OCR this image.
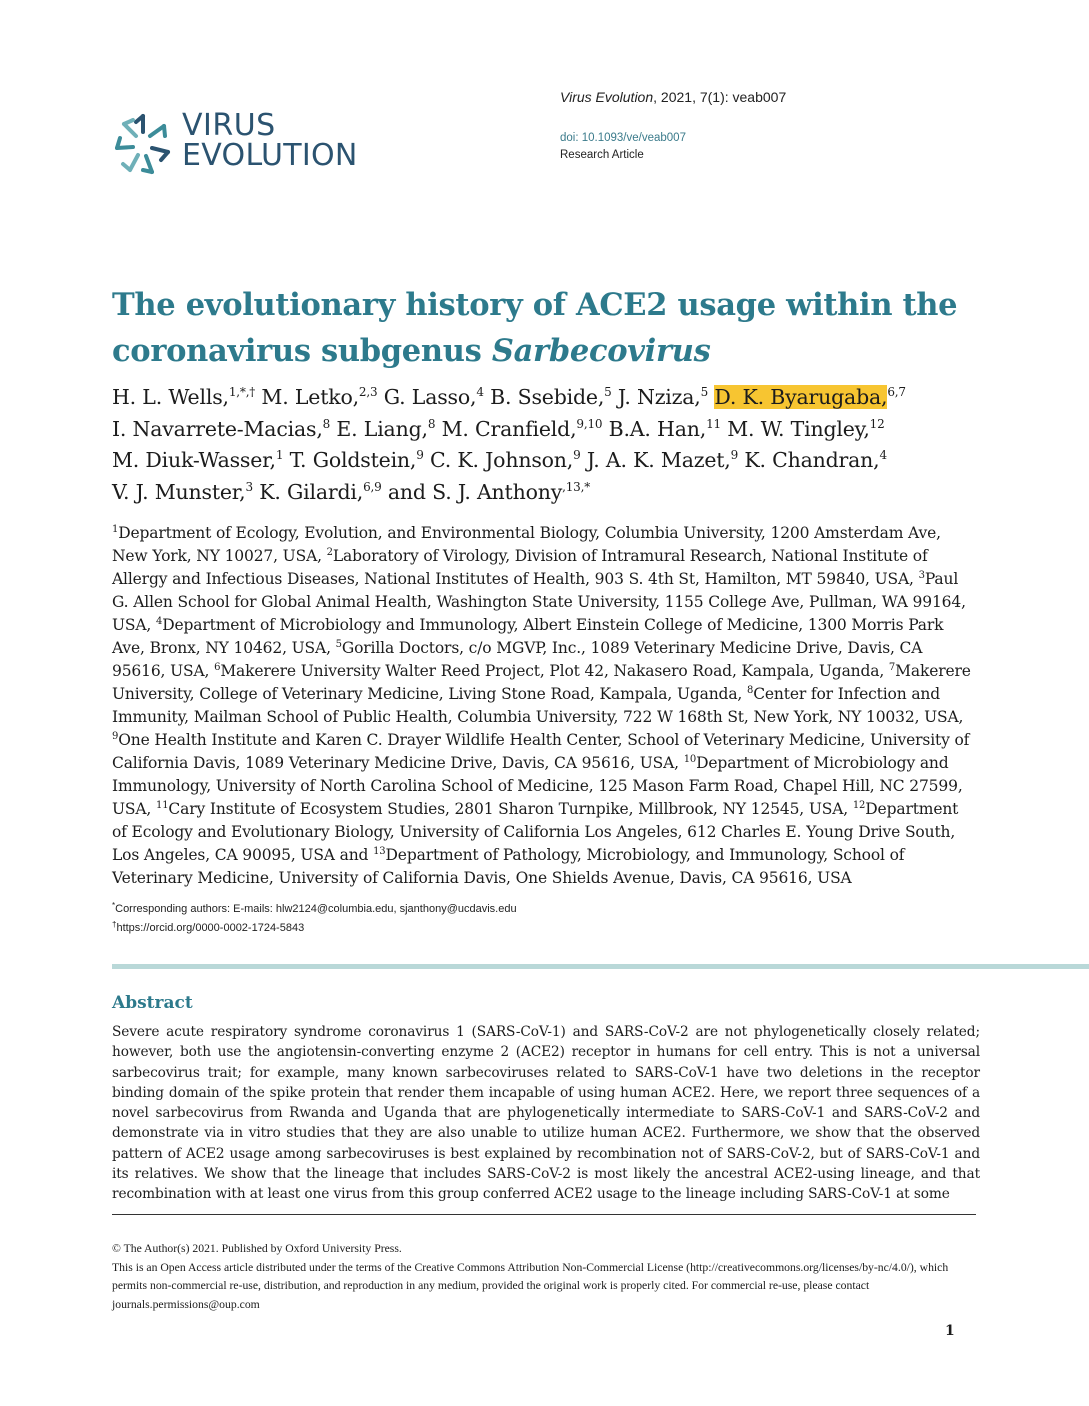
VIRUS
EVOLUTION
Virus Evolution, 2021, 7(1): veab007
doi: 10.1093/ve/veab007
Research Article
The evolutionary history of ACE2 usage within the
coronavirus subgenus Sarbecovirus
H. L. Wells,$^{1,*,\dagger}$ M. Letko,$^{2,3}$ G. Lasso,$^4$ B. Ssebide,$^5$ J. Nziza,$^5$ D. K. Byarugaba,$^{6,7}$
I. Navarrete-Macias,$^8$ E. Liang,$^8$ M. Cranfield,$^{9,10}$ B.A. Han,$^{11}$ M. W. Tingley,$^{12}$
M. Diuk-Wasser,$^1$ T. Goldstein,$^9$ C. K. Johnson,$^9$ J. A. K. Mazet,$^9$ K. Chandran,$^4$
V. J. Munster,$^3$ K. Gilardi,$^{6,9}$ and S. J. Anthony$^{,13,*}$
$^1$Department of Ecology, Evolution, and Environmental Biology, Columbia University, 1200 Amsterdam Ave, New York, NY 10027, USA, $^2$Laboratory of Virology, Division of Intramural Research, National Institute of Allergy and Infectious Diseases, National Institutes of Health, 903 S. 4th St, Hamilton, MT 59840, USA, $^3$Paul G. Allen School for Global Animal Health, Washington State University, 1155 College Ave, Pullman, WA 99164, USA, $^4$Department of Microbiology and Immunology, Albert Einstein College of Medicine, 1300 Morris Park Ave, Bronx, NY 10462, USA, $^5$Gorilla Doctors, c/o MGVP, Inc., 1089 Veterinary Medicine Drive, Davis, CA 95616, USA, $^6$Makerere University Walter Reed Project, Plot 42, Nakasero Road, Kampala, Uganda, $^7$Makerere University, College of Veterinary Medicine, Living Stone Road, Kampala, Uganda, $^8$Center for Infection and Immunity, Mailman School of Public Health, Columbia University, 722 W 168th St, New York, NY 10032, USA, $^9$One Health Institute and Karen C. Drayer Wildlife Health Center, School of Veterinary Medicine, University of California Davis, 1089 Veterinary Medicine Drive, Davis, CA 95616, USA, $^{10}$Department of Microbiology and Immunology, University of North Carolina School of Medicine, 125 Mason Farm Road, Chapel Hill, NC 27599, USA, $^{11}$Cary Institute of Ecosystem Studies, 2801 Sharon Turnpike, Millbrook, NY 12545, USA, $^{12}$Department of Ecology and Evolutionary Biology, University of California Los Angeles, 612 Charles E. Young Drive South, Los Angeles, CA 90095, USA and $^{13}$Department of Pathology, Microbiology, and Immunology, School of Veterinary Medicine, University of California Davis, One Shields Avenue, Davis, CA 95616, USA
*Corresponding authors: E-mails: hlw2124@columbia.edu, sjanthony@ucdavis.edu
†https://orcid.org/0000-0002-1724-5843
Abstract
Severe acute respiratory syndrome coronavirus 1 (SARS-CoV-1) and SARS-CoV-2 are not phylogenetically closely related; however, both use the angiotensin-converting enzyme 2 (ACE2) receptor in humans for cell entry. This is not a universal sarbecovirus trait; for example, many known sarbecoviruses related to SARS-CoV-1 have two deletions in the receptor binding domain of the spike protein that render them incapable of using human ACE2. Here, we report three sequences of a novel sarbecovirus from Rwanda and Uganda that are phylogenetically intermediate to SARS-CoV-1 and SARS-CoV-2 and demonstrate via in vitro studies that they are also unable to utilize human ACE2. Furthermore, we show that the observed pattern of ACE2 usage among sarbecoviruses is best explained by recombination not of SARS-CoV-2, but of SARS-CoV-1 and its relatives. We show that the lineage that includes SARS-CoV-2 is most likely the ancestral ACE2-using lineage, and that recombination with at least one virus from this group conferred ACE2 usage to the lineage including SARS-CoV-1 at some

© The Author(s) 2021. Published by Oxford University Press.

This is an Open Access article distributed under the terms of the Creative Commons Attribution Non-Commercial License (http://creativecommons.org/licenses/by-nc/4.0/), which permits non-commercial re-use, distribution, and reproduction in any medium, provided the original work is properly cited. For commercial re-use, please contact journals.permissions@oup.com

1
